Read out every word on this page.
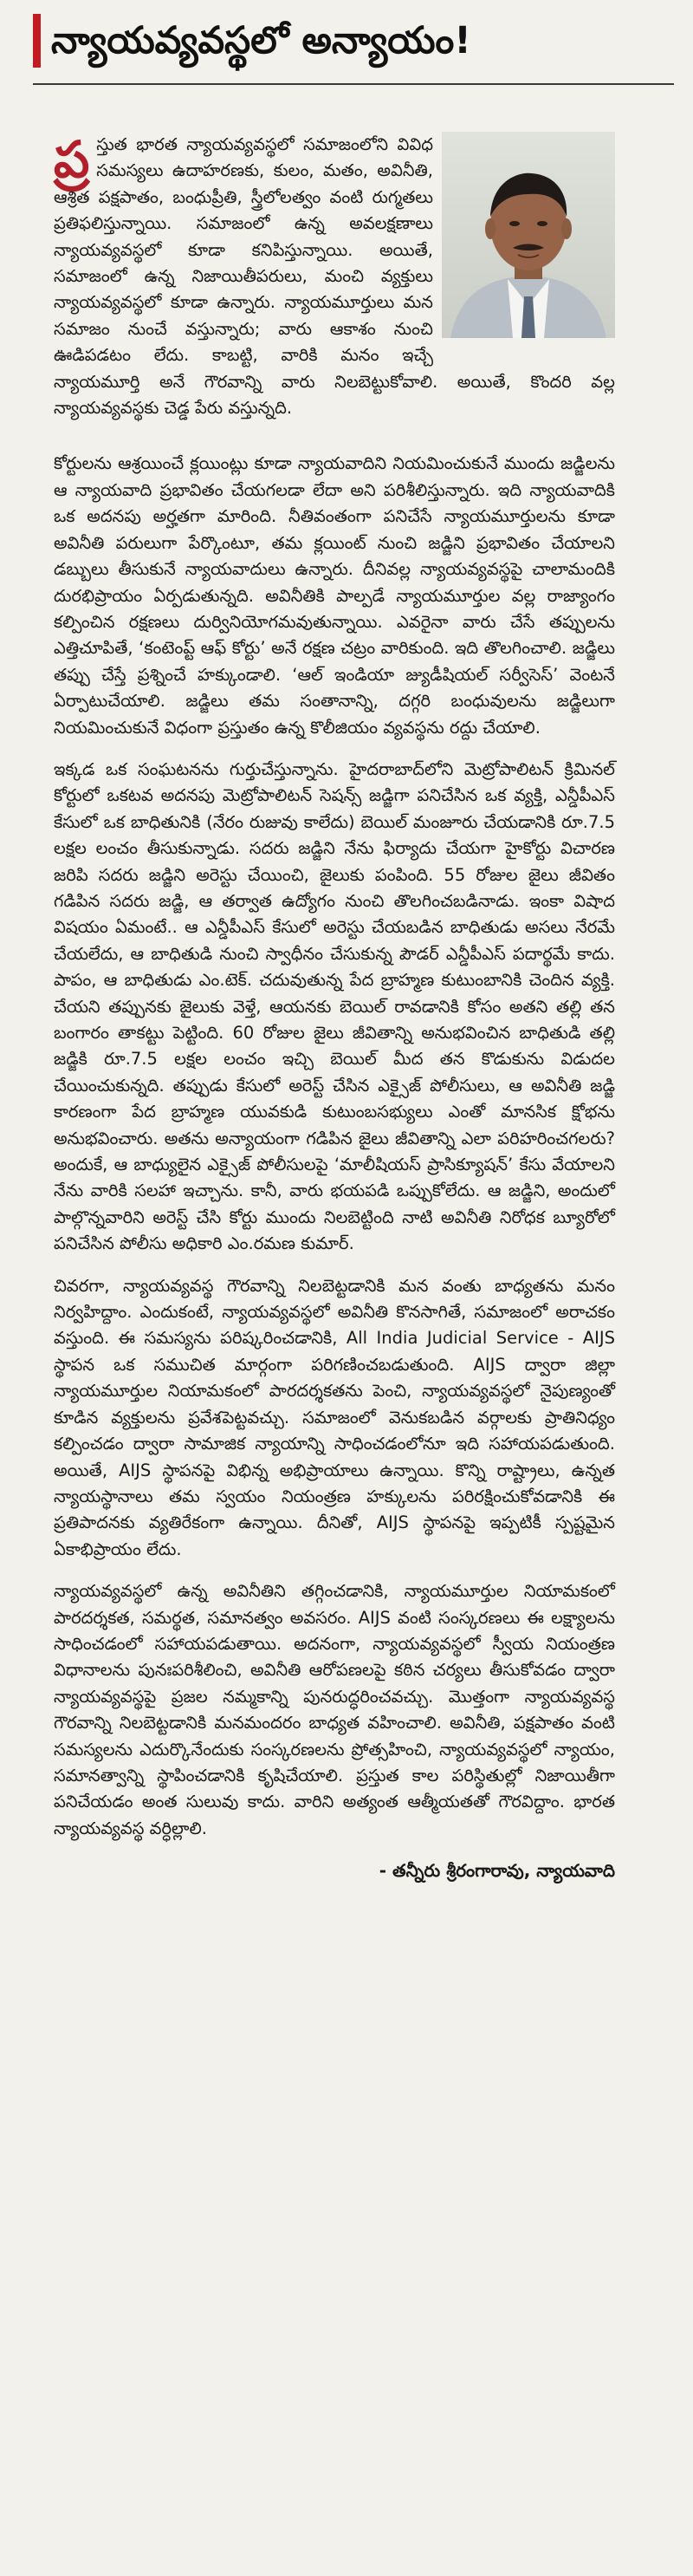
న్యాయవ్యవస్థలో అన్యాయం!

ప్ర స్తుత భారత న్యాయవ్యవస్థలో సమాజంలోని వివిధ సమస్యలు ఉదాహరణకు, కులం, మతం, అవినీతి, ఆశ్రిత పక్షపాతం, బంధుప్రీతి, స్త్రీలోలత్వం వంటి రుగ్మతలు ప్రతిఫలిస్తున్నాయి. సమాజంలో ఉన్న అవలక్షణాలు న్యాయవ్యవస్థలో కూడా కనిపిస్తున్నాయి. అయితే, సమాజంలో ఉన్న నిజాయితీపరులు, మంచి వ్యక్తులు న్యాయవ్యవస్థలో కూడా ఉన్నారు. న్యాయమూర్తులు మన సమాజం నుంచే వస్తున్నారు; వారు ఆకాశం నుంచి ఊడిపడటం లేదు. కాబట్టి, వారికి మనం ఇచ్చే న్యాయమూర్తి అనే గౌరవాన్ని వారు నిలబెట్టుకోవాలి. అయితే, కొందరి వల్ల న్యాయవ్యవస్థకు చెడ్డ పేరు వస్తున్నది.

కోర్టులను ఆశ్రయించే క్లయింట్లు కూడా న్యాయవాదిని నియమించుకునే ముందు జడ్జిలను ఆ న్యాయవాది ప్రభావితం చేయగలడా లేదా అని పరిశీలిస్తున్నారు. ఇది న్యాయవాదికి ఒక అదనపు అర్హతగా మారింది. నీతివంతంగా పనిచేసే న్యాయమూర్తులను కూడా అవినీతి పరులుగా పేర్కొంటూ, తమ క్లయింట్ నుంచి జడ్జిని ప్రభావితం చేయాలని డబ్బులు తీసుకునే న్యాయవాదులు ఉన్నారు. దీనివల్ల న్యాయవ్యవస్థపై చాలామందికి దురభిప్రాయం ఏర్పడుతున్నది. అవినీతికి పాల్పడే న్యాయమూర్తుల వల్ల రాజ్యాంగం కల్పించిన రక్షణలు దుర్వినియోగమవుతున్నాయి. ఎవరైనా వారు చేసే తప్పులను ఎత్తిచూపితే, ‘కంటెంప్ట్ ఆఫ్ కోర్టు’ అనే రక్షణ చట్రం వారికుంది. ఇది తొలగించాలి. జడ్జిలు తప్పు చేస్తే ప్రశ్నించే హక్కుండాలి. ‘ఆల్ ఇండియా జ్యుడీషియల్ సర్వీసెస్’ వెంటనే ఏర్పాటుచేయాలి. జడ్జిలు తమ సంతానాన్ని, దగ్గరి బంధువులను జడ్జిలుగా నియమించుకునే విధంగా ప్రస్తుతం ఉన్న కొలీజియం వ్యవస్థను రద్దు చేయాలి.

ఇక్కడ ఒక సంఘటనను గుర్తుచేస్తున్నాను. హైదరాబాద్‌లోని మెట్రోపాలిటన్ క్రిమినల్ కోర్టులో ఒకటవ అదనపు మెట్రోపాలిటన్ సెషన్స్ జడ్జిగా పనిచేసిన ఒక వ్యక్తి, ఎన్డీపీఎస్ కేసులో ఒక బాధితునికి (నేరం రుజువు కాలేదు) బెయిల్ మంజూరు చేయడానికి రూ.7.5 లక్షల లంచం తీసుకున్నాడు. సదరు జడ్జిని నేను ఫిర్యాదు చేయగా హైకోర్టు విచారణ జరిపి సదరు జడ్జిని అరెస్టు చేయించి, జైలుకు పంపింది. 55 రోజుల జైలు జీవితం గడిపిన సదరు జడ్జి, ఆ తర్వాత ఉద్యోగం నుంచి తొలగించబడినాడు. ఇంకా విషాద విషయం ఏమంటే.. ఆ ఎన్డీపీఎస్ కేసులో అరెస్టు చేయబడిన బాధితుడు అసలు నేరమే చేయలేదు, ఆ బాధితుడి నుంచి స్వాధీనం చేసుకున్న పౌడర్ ఎన్డీపీఎస్ పదార్థమే కాదు. పాపం, ఆ బాధితుడు ఎం.టెక్. చదువుతున్న పేద బ్రాహ్మణ కుటుంబానికి చెందిన వ్యక్తి. చేయని తప్పునకు జైలుకు వెళ్తే, ఆయనకు బెయిల్ రావడానికి కోసం అతని తల్లి తన బంగారం తాకట్టు పెట్టింది. 60 రోజుల జైలు జీవితాన్ని అనుభవించిన బాధితుడి తల్లి జడ్జికి రూ.7.5 లక్షల లంచం ఇచ్చి బెయిల్ మీద తన కొడుకును విడుదల చేయించుకున్నది. తప్పుడు కేసులో అరెస్ట్ చేసిన ఎక్సైజ్ పోలీసులు, ఆ అవినీతి జడ్జి కారణంగా పేద బ్రాహ్మణ యువకుడి కుటుంబసభ్యులు ఎంతో మానసిక క్షోభను అనుభవించారు. అతను అన్యాయంగా గడిపిన జైలు జీవితాన్ని ఎలా పరిహరించగలరు? అందుకే, ఆ బాధ్యులైన ఎక్సైజ్ పోలీసులపై ‘మాలీషియస్ ప్రాసిక్యూషన్’ కేసు వేయాలని నేను వారికి సలహా ఇచ్చాను. కానీ, వారు భయపడి ఒప్పుకోలేదు. ఆ జడ్జిని, అందులో పాల్గొన్నవారిని అరెస్ట్ చేసి కోర్టు ముందు నిలబెట్టింది నాటి అవినీతి నిరోధక బ్యూరోలో పనిచేసిన పోలీసు అధికారి ఎం.రమణ కుమార్.

చివరగా, న్యాయవ్యవస్థ గౌరవాన్ని నిలబెట్టడానికి మన వంతు బాధ్యతను మనం నిర్వహిద్దాం. ఎందుకంటే, న్యాయవ్యవస్థలో అవినీతి కొనసాగితే, సమాజంలో అరాచకం వస్తుంది. ఈ సమస్యను పరిష్కరించడానికి, All India Judicial Service - AIJS స్థాపన ఒక సముచిత మార్గంగా పరిగణించబడుతుంది. AIJS ద్వారా జిల్లా న్యాయమూర్తుల నియామకంలో పారదర్శకతను పెంచి, న్యాయవ్యవస్థలో నైపుణ్యంతో కూడిన వ్యక్తులను ప్రవేశపెట్టవచ్చు. సమాజంలో వెనుకబడిన వర్గాలకు ప్రాతినిధ్యం కల్పించడం ద్వారా సామాజిక న్యాయాన్ని సాధించడంలోనూ ఇది సహాయపడుతుంది. అయితే, AIJS స్థాపనపై విభిన్న అభిప్రాయాలు ఉన్నాయి. కొన్ని రాష్ట్రాలు, ఉన్నత న్యాయస్థానాలు తమ స్వయం నియంత్రణ హక్కులను పరిరక్షించుకోవడానికి ఈ ప్రతిపాదనకు వ్యతిరేకంగా ఉన్నాయి. దీనితో, AIJS స్థాపనపై ఇప్పటికీ స్పష్టమైన ఏకాభిప్రాయం లేదు.

న్యాయవ్యవస్థలో ఉన్న అవినీతిని తగ్గించడానికి, న్యాయమూర్తుల నియామకంలో పారదర్శకత, సమర్థత, సమానత్వం అవసరం. AIJS వంటి సంస్కరణలు ఈ లక్ష్యాలను సాధించడంలో సహాయపడుతాయి. అదనంగా, న్యాయవ్యవస్థలో స్వీయ నియంత్రణ విధానాలను పునఃపరిశీలించి, అవినీతి ఆరోపణలపై కఠిన చర్యలు తీసుకోవడం ద్వారా న్యాయవ్యవస్థపై ప్రజల నమ్మకాన్ని పునరుద్ధరించవచ్చు. మొత్తంగా న్యాయవ్యవస్థ గౌరవాన్ని నిలబెట్టడానికి మనమందరం బాధ్యత వహించాలి. అవినీతి, పక్షపాతం వంటి సమస్యలను ఎదుర్కొనేందుకు సంస్కరణలను ప్రోత్సహించి, న్యాయవ్యవస్థలో న్యాయం, సమానత్వాన్ని స్థాపించడానికి కృషిచేయాలి. ప్రస్తుత కాల పరిస్థితుల్లో నిజాయితీగా పనిచేయడం అంత సులువు కాదు. వారిని అత్యంత ఆత్మీయతతో గౌరవిద్దాం. భారత న్యాయవ్యవస్థ వర్ధిల్లాలి.

- తన్నీరు శ్రీరంగారావు, న్యాయవాది
